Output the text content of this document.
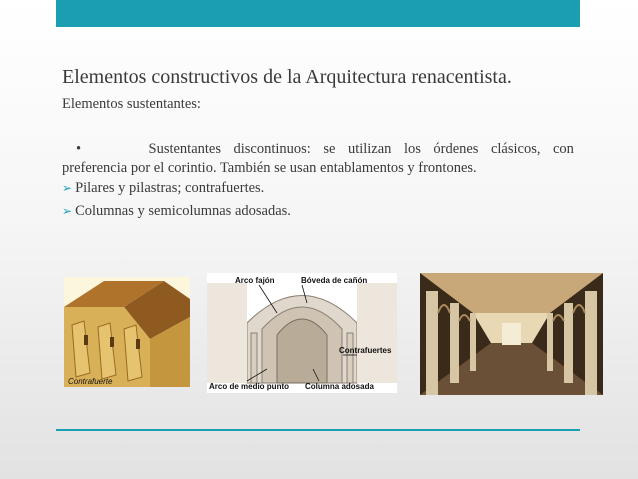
Elementos constructivos de la Arquitectura renacentista.
Elementos sustentantes:
•	Sustentantes discontinuos: se utilizan los órdenes clásicos, con
preferencia por el corintio. También se usan entablamentos y frontones.
➢ Pilares y pilastras; contrafuertes.
➢ Columnas y semicolumnas adosadas.
Contrafuerte
Arco fajón	Bóveda de cañón
Contrafuertes
Arco de medio punto Columna adosada
